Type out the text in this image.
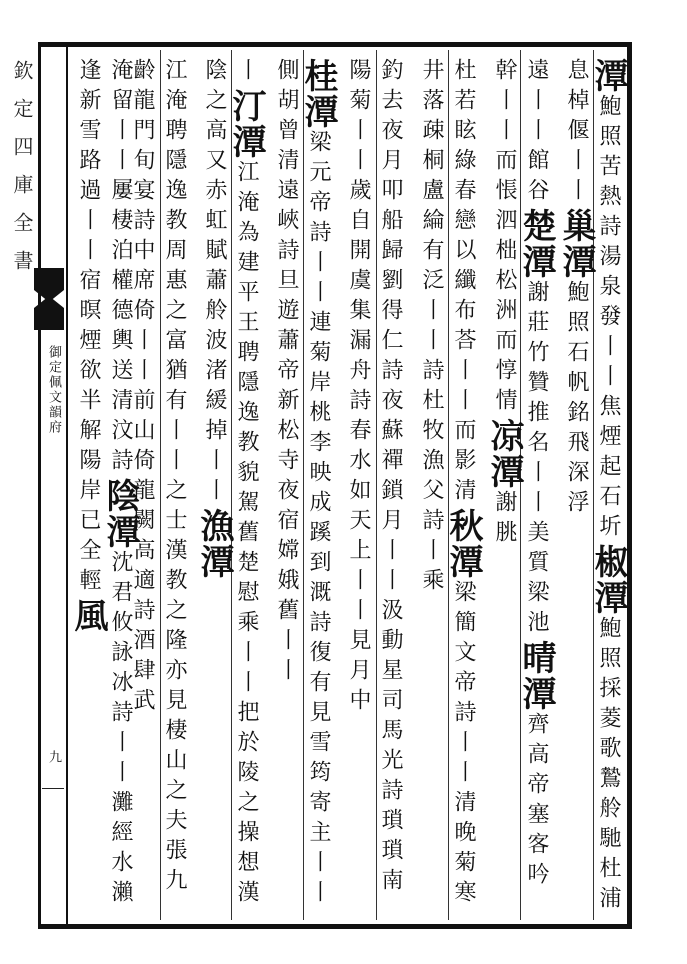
欽定四庫全書
御定佩文韻府
九
潭鮑照苦熱詩湯泉發丨丨焦煙起石圻椒潭鮑照採菱歌鷙舲馳杜浦息棹偃丨丨巢潭鮑照石帆銘飛深浮
遠丨丨館谷楚潭謝莊竹贊推名丨丨美質梁池晴潭齊高帝塞客吟幹丨丨而悵泗柮松洲而惇情凉潭謝朓
杜若眩綠春戀以纖布荅丨丨而影清秋潭梁簡文帝詩丨丨清晚菊寒井落疎桐盧綸有泛丨丨詩杜牧漁父詩丨乘
釣去夜月叩船歸劉得仁詩夜蘇禪鎖月丨丨汲動星司馬光詩瑣瑣南陽菊丨丨歲自開虞集漏舟詩春水如天上丨丨見月中
桂潭梁元帝詩丨丨連菊岸桃李映成蹊到溉詩復有見雪筠寄主丨丨側胡曾清遠峽詩旦遊蕭帝新松寺夜宿嫦娥舊丨丨
丨汀潭江淹為建平王聘隱逸教貌駕舊楚慰乘丨丨把於陵之操想漢陰之高又赤虹賦蕭舲波渚緩掉丨丨漁潭
江淹聘隱逸教周惠之富猶有丨丨之士漢教之隆亦見棲山之夫張九齡龍門旬宴詩中席倚丨丨前山倚龍闕高適詩酒肆武
淹留丨丨屢棲泊權德輿送清汶詩陰潭沈君攸詠冰詩丨丨灘經水瀨逢新雪路過丨丨宿暝煙欲半解陽岸已全輕風
